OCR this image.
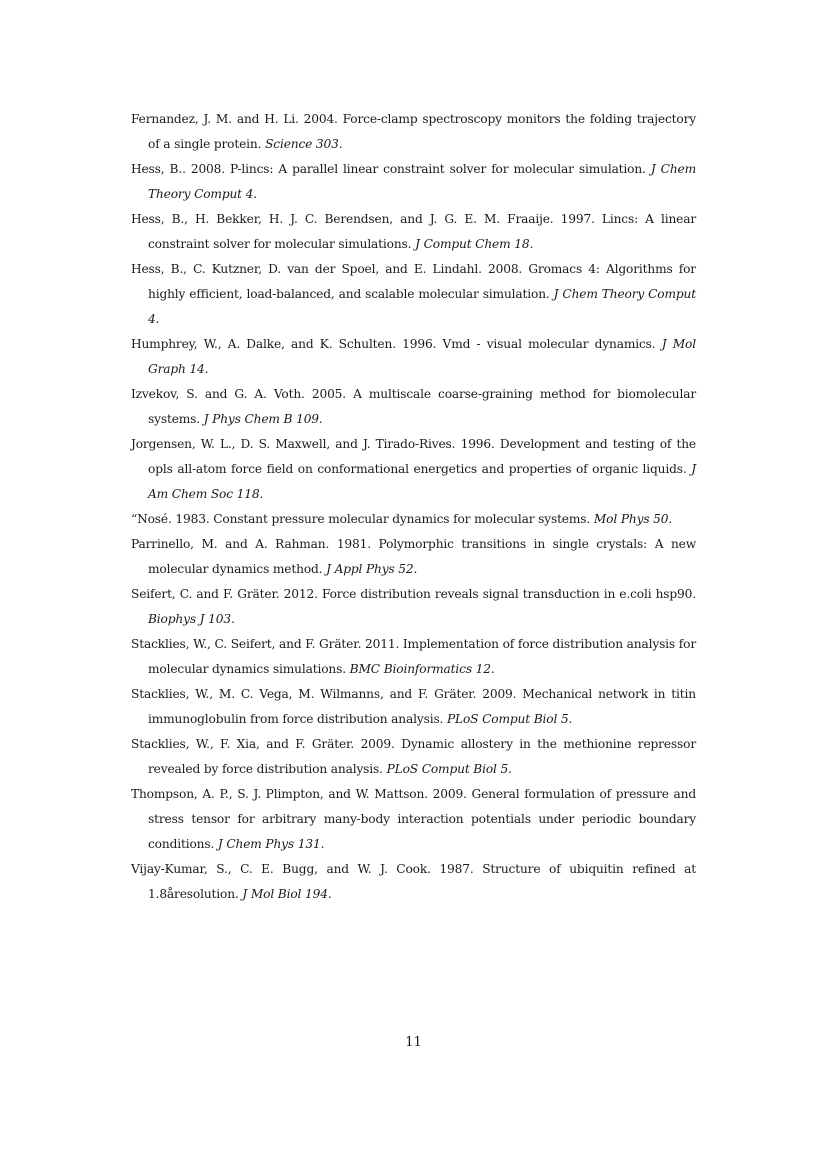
Fernandez, J. M. and H. Li. 2004. Force-clamp spectroscopy monitors the folding trajectory of a single protein. Science 303.

Hess, B.. 2008. P-lincs: A parallel linear constraint solver for molecular simulation. J Chem Theory Comput 4.

Hess, B., H. Bekker, H. J. C. Berendsen, and J. G. E. M. Fraaije. 1997. Lincs: A linear constraint solver for molecular simulations. J Comput Chem 18.

Hess, B., C. Kutzner, D. van der Spoel, and E. Lindahl. 2008. Gromacs 4: Algorithms for highly efficient, load-balanced, and scalable molecular simulation. J Chem Theory Comput 4.

Humphrey, W., A. Dalke, and K. Schulten. 1996. Vmd - visual molecular dynamics. J Mol Graph 14.

Izvekov, S. and G. A. Voth. 2005. A multiscale coarse-graining method for biomolecular systems. J Phys Chem B 109.

Jorgensen, W. L., D. S. Maxwell, and J. Tirado-Rives. 1996. Development and testing of the opls all-atom force field on conformational energetics and properties of organic liquids. J Am Chem Soc 118.

“Nosé. 1983. Constant pressure molecular dynamics for molecular systems. Mol Phys 50.

Parrinello, M. and A. Rahman. 1981. Polymorphic transitions in single crystals: A new molecular dynamics method. J Appl Phys 52.

Seifert, C. and F. Gräter. 2012. Force distribution reveals signal transduction in e.coli hsp90. Biophys J 103.

Stacklies, W., C. Seifert, and F. Gräter. 2011. Implementation of force distribution analysis for molecular dynamics simulations. BMC Bioinformatics 12.

Stacklies, W., M. C. Vega, M. Wilmanns, and F. Gräter. 2009. Mechanical network in titin immunoglobulin from force distribution analysis. PLoS Comput Biol 5.

Stacklies, W., F. Xia, and F. Gräter. 2009. Dynamic allostery in the methionine repressor revealed by force distribution analysis. PLoS Comput Biol 5.

Thompson, A. P., S. J. Plimpton, and W. Mattson. 2009. General formulation of pressure and stress tensor for arbitrary many-body interaction potentials under periodic boundary conditions. J Chem Phys 131.

Vijay-Kumar, S., C. E. Bugg, and W. J. Cook. 1987. Structure of ubiquitin refined at 1.8åresolution. J Mol Biol 194.

11
